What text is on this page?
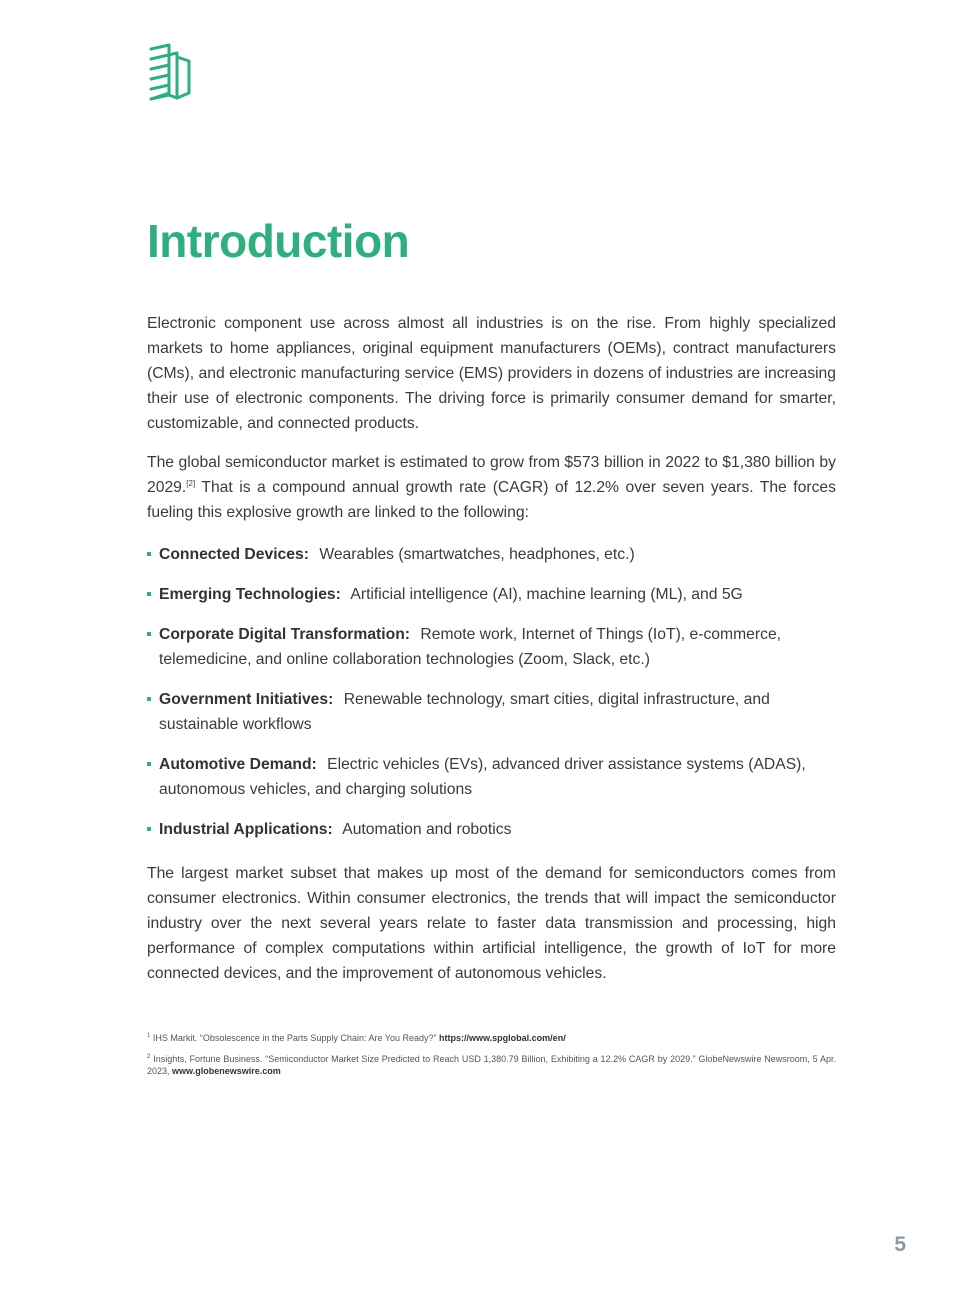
Introduction

Electronic component use across almost all industries is on the rise. From highly specialized markets to home appliances, original equipment manufacturers (OEMs), contract manufacturers (CMs), and electronic manufacturing service (EMS) providers in dozens of industries are increasing their use of electronic components. The driving force is primarily consumer demand for smarter, customizable, and connected products.

The global semiconductor market is estimated to grow from $573 billion in 2022 to $1,380 billion by 2029.[2] That is a compound annual growth rate (CAGR) of 12.2% over seven years. The forces fueling this explosive growth are linked to the following:

Connected Devices: Wearables (smartwatches, headphones, etc.)
Emerging Technologies: Artificial intelligence (AI), machine learning (ML), and 5G
Corporate Digital Transformation: Remote work, Internet of Things (IoT), e-commerce, telemedicine, and online collaboration technologies (Zoom, Slack, etc.)
Government Initiatives: Renewable technology, smart cities, digital infrastructure, and sustainable workflows
Automotive Demand: Electric vehicles (EVs), advanced driver assistance systems (ADAS), autonomous vehicles, and charging solutions
Industrial Applications: Automation and robotics

The largest market subset that makes up most of the demand for semiconductors comes from consumer electronics. Within consumer electronics, the trends that will impact the semiconductor industry over the next several years relate to faster data transmission and processing, high performance of complex computations within artificial intelligence, the growth of IoT for more connected devices, and the improvement of autonomous vehicles.

$^1$ IHS Markit. “Obsolescence in the Parts Supply Chain: Are You Ready?” https://www.spglobal.com/en/

$^2$ Insights, Fortune Business. “Semiconductor Market Size Predicted to Reach USD 1,380.79 Billion, Exhibiting a 12.2% CAGR by 2029.” GlobeNewswire Newsroom, 5 Apr. 2023, www.globenewswire.com

5
